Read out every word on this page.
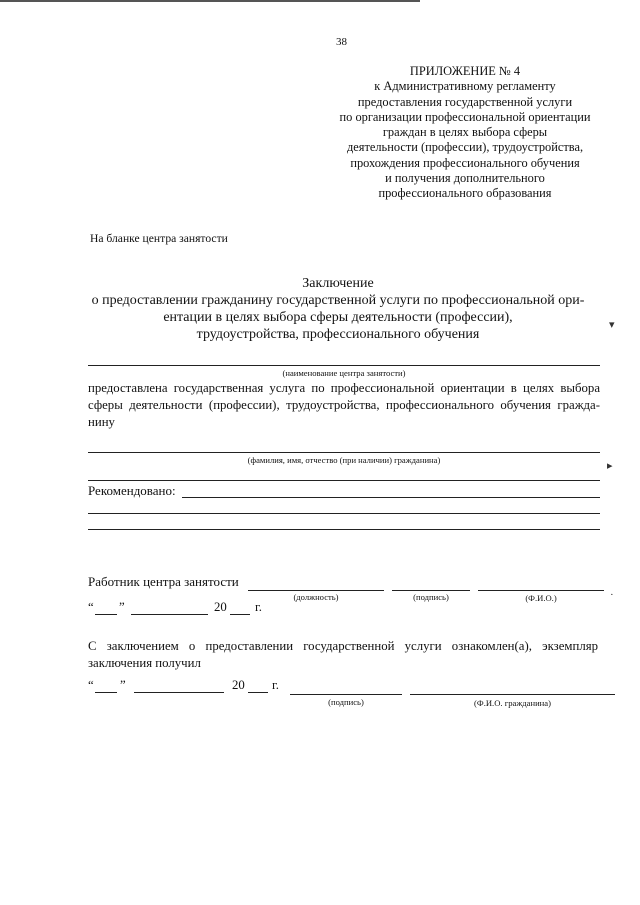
38
ПРИЛОЖЕНИЕ № 4
к Административному регламенту
предоставления государственной услуги
по организации профессиональной ориентации
граждан в целях выбора сферы
деятельности (профессии), трудоустройства,
прохождения профессионального обучения
и получения дополнительного
профессионального образования
На бланке центра занятости
Заключение
о предоставлении гражданину государственной услуги по профессиональной ори-
ентации в целях выбора сферы деятельности (профессии),
трудоустройства, профессионального обучения
(наименование центра занятости)
предоставлена государственная услуга по профессиональной ориентации в целях выбора
сферы деятельности (профессии), трудоустройства, профессионального обучения гражда-
нину
(фамилия, имя, отчество (при наличии) гражданина)
Рекомендовано:
Работник центра занятости
(должность)	(подпись)	(Ф.И.О.)
“ ”	20 г.
С заключением о предоставлении государственной услуги ознакомлен(а), экземпляр
заключения получил
“ ”	20 г.
(подпись)	(Ф.И.О. гражданина)
▾
▸
·
